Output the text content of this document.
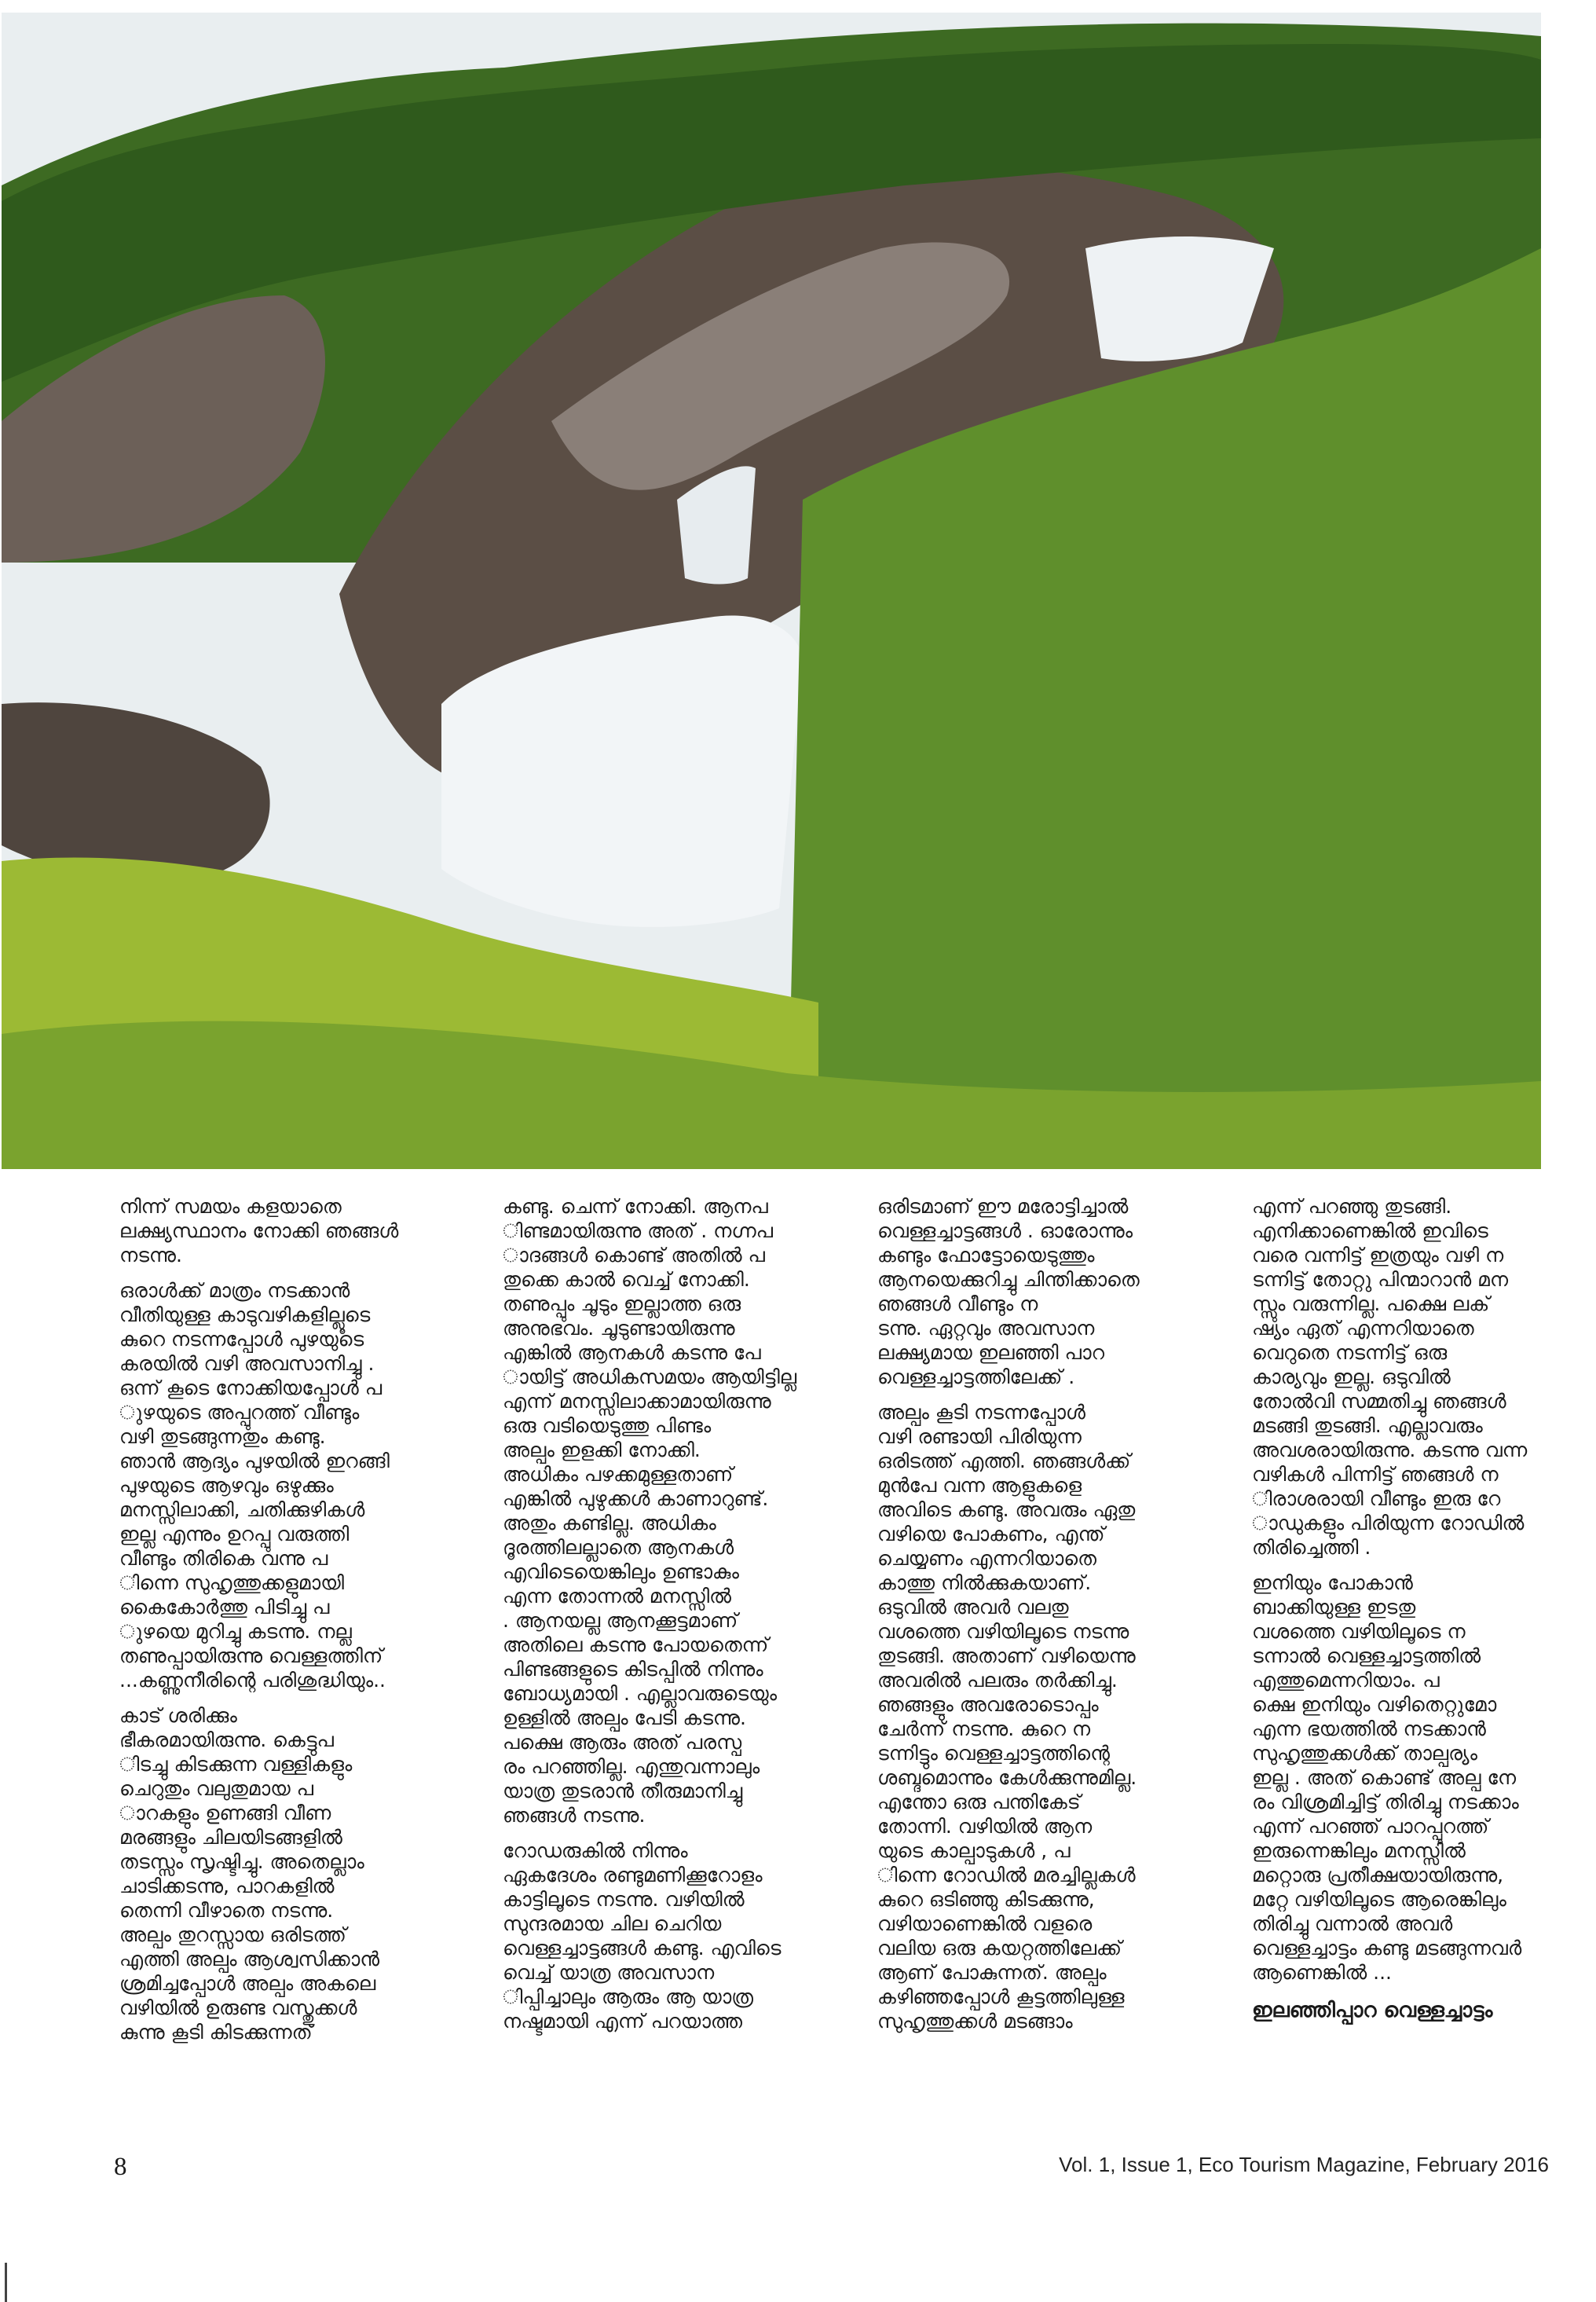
നിന്ന് സമയം കളയാതെ
ലക്ഷ്യസ്ഥാനം നോക്കി ഞങ്ങൾ
നടന്നു.

ഒരാൾക്ക് മാത്രം നടക്കാൻ
വീതിയുള്ള കാടുവഴികളില്ലൂടെ
കുറെ നടന്നപ്പോൾ പുഴയുടെ
കരയിൽ വഴി അവസാനിച്ചു .
ഒന്ന് കൂടെ നോക്കിയപ്പോൾ പ
ുഴയുടെ അപ്പുറത്ത് വീണ്ടും
വഴി തുടങ്ങുന്നതും കണ്ടു.
ഞാൻ ആദ്യം പുഴയിൽ ഇറങ്ങി
പുഴയുടെ ആഴവും ഒഴുക്കും
മനസ്സിലാക്കി, ചതിക്കുഴികൾ
ഇല്ല എന്നും ഉറപ്പു വരുത്തി
വീണ്ടും തിരികെ വന്നു പ
ിന്നെ സുഹൃത്തുക്കളുമായി
കൈകോർത്തു പിടിച്ചു പ
ുഴയെ മുറിച്ചു കടന്നു. നല്ല
തണുപ്പായിരുന്നു വെള്ളത്തിന്
...കണ്ണുനീരിന്റെ പരിശുദ്ധിയും..

കാട് ശരിക്കും
ഭീകരമായിരുന്നു. കെട്ടുപ
ിടച്ചു കിടക്കുന്ന വള്ളികളും
ചെറുതും വലുതുമായ പ
ാറകളും ഉണങ്ങി വീണ
മരങ്ങളും ചിലയിടങ്ങളിൽ
തടസ്സം സൃഷ്ടിച്ചു. അതെല്ലാം
ചാടിക്കടന്നു, പാറകളിൽ
തെന്നി വീഴാതെ നടന്നു.
അല്പം തുറസ്സായ ഒരിടത്ത്
എത്തി അല്പം ആശ്വസിക്കാൻ
ശ്രമിച്ചപ്പോൾ അല്പം അകലെ
വഴിയിൽ ഉരുണ്ട വസ്തുക്കൾ
കുന്നു കൂടി കിടക്കുന്നത്

കണ്ടു. ചെന്ന് നോക്കി. ആനപ
ിണ്ടമായിരുന്നു അത് . നഗ്നപ
ാദങ്ങൾ കൊണ്ട് അതിൽ പ
തുക്കെ കാൽ വെച്ച് നോക്കി.
തണുപ്പും ചൂടും ഇല്ലാത്ത ഒരു
അനുഭവം. ചൂടുണ്ടായിരുന്നു
എങ്കിൽ ആനകൾ കടന്നു പേ
ായിട്ട് അധികസമയം ആയിട്ടില്ല
എന്ന് മനസ്സിലാക്കാമായിരുന്നു
ഒരു വടിയെടുത്തു പിണ്ടം
അല്പം ഇളക്കി നോക്കി.
അധികം പഴക്കമുള്ളതാണ്
എങ്കിൽ പുഴുക്കൾ കാണാറുണ്ട്.
അതും കണ്ടില്ല. അധികം
ദൂരത്തിലല്ലാതെ ആനകൾ
എവിടെയെങ്കിലും ഉണ്ടാകും
എന്ന തോന്നൽ മനസ്സിൽ
. ആനയല്ല ആനക്കൂട്ടമാണ്
അതിലെ കടന്നു പോയതെന്ന്
പിണ്ടങ്ങളുടെ കിടപ്പിൽ നിന്നും
ബോധ്യമായി . എല്ലാവരുടെയും
ഉള്ളിൽ അല്പം പേടി കടന്നു.
പക്ഷെ ആരും അത് പരസ്പ
രം പറഞ്ഞില്ല. എന്തുവന്നാലും
യാത്ര തുടരാൻ തീരുമാനിച്ചു
ഞങ്ങൾ നടന്നു.

റോഡരുകിൽ നിന്നും
ഏകദേശം രണ്ടുമണിക്കൂറോളം
കാട്ടിലൂടെ നടന്നു. വഴിയിൽ
സുന്ദരമായ ചില ചെറിയ
വെള്ളച്ചാട്ടങ്ങൾ കണ്ടു. എവിടെ
വെച്ച് യാത്ര അവസാന
ിപ്പിച്ചാലും ആരും ആ യാത്ര
നഷ്ടമായി എന്ന് പറയാത്ത

ഒരിടമാണ് ഈ മരോട്ടിച്ചാൽ
വെള്ളച്ചാട്ടങ്ങൾ . ഓരോന്നും
കണ്ടും ഫോട്ടോയെടുത്തും
ആനയെക്കുറിച്ചു ചിന്തിക്കാതെ
ഞങ്ങൾ വീണ്ടും ന
ടന്നു. ഏറ്റവും അവസാന
ലക്ഷ്യമായ ഇലഞ്ഞി പാറ
വെള്ളച്ചാട്ടത്തിലേക്ക് .

അല്പം കൂടി നടന്നപ്പോൾ
വഴി രണ്ടായി പിരിയുന്ന
ഒരിടത്ത് എത്തി. ഞങ്ങൾക്ക്
മുൻപേ വന്ന ആളുകളെ
അവിടെ കണ്ടു. അവരും ഏതു
വഴിയെ പോകണം, എന്ത്
ചെയ്യണം എന്നറിയാതെ
കാത്തു നിൽക്കുകയാണ്.
ഒടുവിൽ അവർ വലതു
വശത്തെ വഴിയിലൂടെ നടന്നു
തുടങ്ങി. അതാണ് വഴിയെന്നു
അവരിൽ പലരും തർക്കിച്ചു.
ഞങ്ങളും അവരോടൊപ്പം
ചേർന്ന് നടന്നു. കുറെ ന
ടന്നിട്ടും വെള്ളച്ചാട്ടത്തിന്റെ
ശബ്ദമൊന്നും കേൾക്കുന്നുമില്ല.
എന്തോ ഒരു പന്തികേട്
തോന്നി. വഴിയിൽ ആന
യുടെ കാല്പാടുകൾ , പ
ിന്നെ റോഡിൽ മരച്ചില്ലകൾ
കുറെ ഒടിഞ്ഞു കിടക്കുന്നു,
വഴിയാണെങ്കിൽ വളരെ
വലിയ ഒരു കയറ്റത്തിലേക്ക്
ആണ് പോകുന്നത്. അല്പം
കഴിഞ്ഞപ്പോൾ കൂട്ടത്തിലുള്ള
സുഹൃത്തുക്കൾ മടങ്ങാം

എന്ന് പറഞ്ഞു തുടങ്ങി.
എനിക്കാണെങ്കിൽ ഇവിടെ
വരെ വന്നിട്ട് ഇത്രയും വഴി ന
ടന്നിട്ട് തോറ്റു പിന്മാറാൻ മന
സ്സും വരുന്നില്ല. പക്ഷെ ലക്
ഷ്യം ഏത് എന്നറിയാതെ
വെറുതെ നടന്നിട്ട് ഒരു
കാര്യവും ഇല്ല. ഒടുവിൽ
തോൽവി സമ്മതിച്ചു ഞങ്ങൾ
മടങ്ങി തുടങ്ങി. എല്ലാവരും
അവശരായിരുന്നു. കടന്നു വന്ന
വഴികൾ പിന്നിട്ട് ഞങ്ങൾ ന
ിരാശരായി വീണ്ടും ഇരു റേ
ാഡുകളും പിരിയുന്ന റോഡിൽ
തിരിച്ചെത്തി .

ഇനിയും പോകാൻ
ബാക്കിയുള്ള ഇടതു
വശത്തെ വഴിയിലൂടെ ന
ടന്നാൽ വെള്ളച്ചാട്ടത്തിൽ
എത്തുമെന്നറിയാം. പ
ക്ഷെ ഇനിയും വഴിതെറ്റുമോ
എന്ന ഭയത്തിൽ നടക്കാൻ
സുഹൃത്തുക്കൾക്ക് താല്പര്യം
ഇല്ല . അത് കൊണ്ട് അല്പ നേ
രം വിശ്രമിച്ചിട്ട് തിരിച്ചു നടക്കാം
എന്ന് പറഞ്ഞ് പാറപ്പുറത്ത്
ഇരുന്നെങ്കിലും മനസ്സിൽ
മറ്റൊരു പ്രതീക്ഷയായിരുന്നു,
മറ്റേ വഴിയിലൂടെ ആരെങ്കിലും
തിരിച്ചു വന്നാൽ അവർ
വെള്ളച്ചാട്ടം കണ്ടു മടങ്ങുന്നവർ
ആണെങ്കിൽ ...

ഇലഞ്ഞിപ്പാറ വെള്ളച്ചാട്ടം
8	Vol. 1, Issue 1, Eco Tourism Magazine, February 2016
